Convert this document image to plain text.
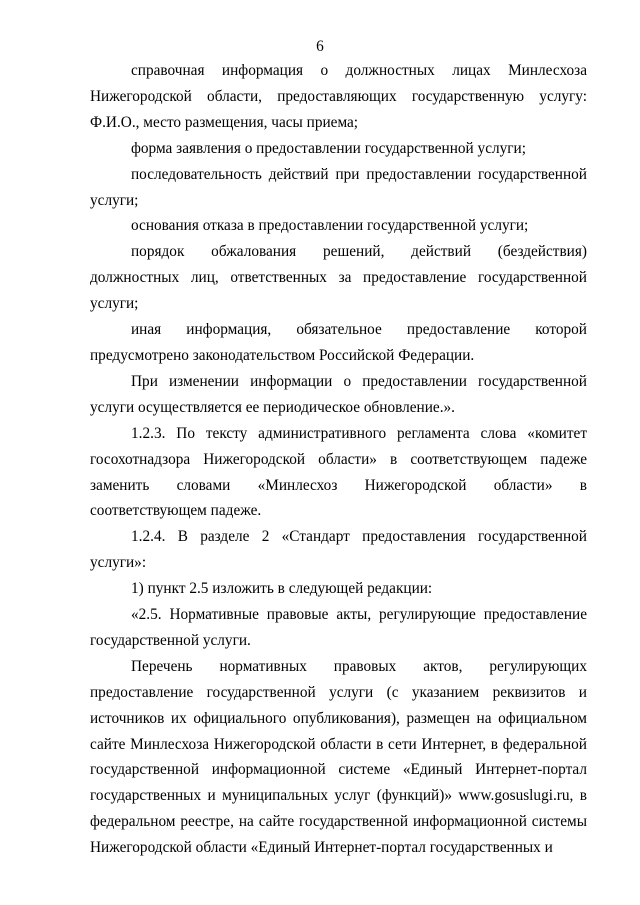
6

справочная информация о должностных лицах Минлесхоза Нижегородской области, предоставляющих государственную услугу: Ф.И.О., место размещения, часы приема;

форма заявления о предоставлении государственной услуги;

последовательность действий при предоставлении государственной услуги;

основания отказа в предоставлении государственной услуги;

порядок обжалования решений, действий (бездействия) должностных лиц, ответственных за предоставление государственной услуги;

иная информация, обязательное предоставление которой предусмотрено законодательством Российской Федерации.

При изменении информации о предоставлении государственной услуги осуществляется ее периодическое обновление.».

1.2.3. По тексту административного регламента слова «комитет госохотнадзора Нижегородской области» в соответствующем падеже заменить словами «Минлесхоз Нижегородской области» в соответствующем падеже.

1.2.4. В разделе 2 «Стандарт предоставления государственной услуги»:

1) пункт 2.5 изложить в следующей редакции:

«2.5. Нормативные правовые акты, регулирующие предоставление государственной услуги.

Перечень нормативных правовых актов, регулирующих предоставление государственной услуги (с указанием реквизитов и источников их официального опубликования), размещен на официальном сайте Минлесхоза Нижегородской области в сети Интернет, в федеральной государственной информационной системе «Единый Интернет-портал государственных и муниципальных услуг (функций)» www.gosuslugi.ru, в федеральном реестре, на сайте государственной информационной системы Нижегородской области «Единый Интернет-портал государственных и
